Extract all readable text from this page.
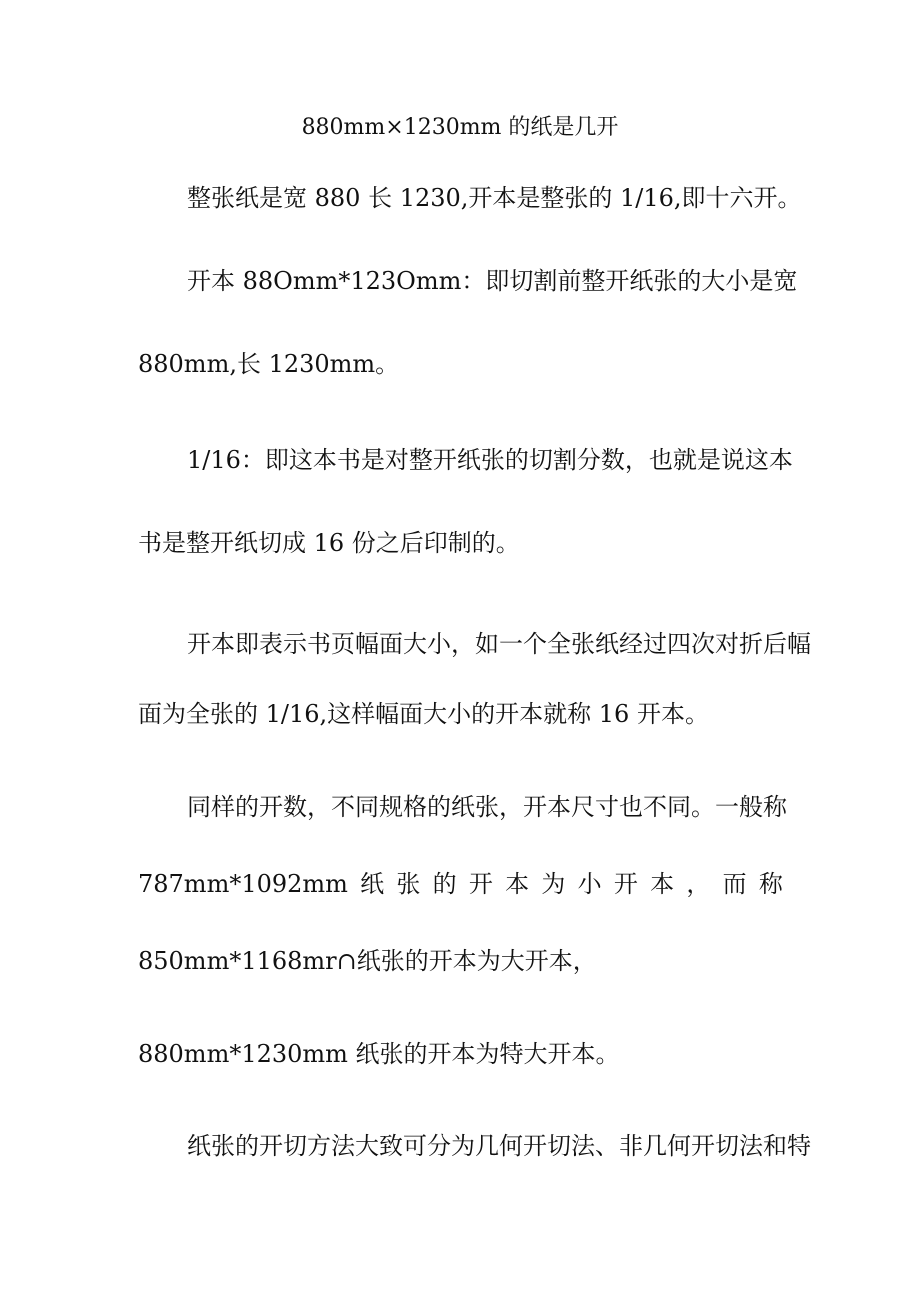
880mm×1230mm 的纸是几开
整张纸是宽 880 长 1230,开本是整张的 1/16,即十六开。
开本 88Omm*123Omm：即切割前整开纸张的大小是宽
880mm,长 1230mm。
1/16：即这本书是对整开纸张的切割分数，也就是说这本
书是整开纸切成 16 份之后印制的。
开本即表示书页幅面大小，如一个全张纸经过四次对折后幅
面为全张的 1/16,这样幅面大小的开本就称 16 开本。
同样的开数，不同规格的纸张，开本尺寸也不同。一般称
787mm*1092mm 纸 张 的 开 本 为 小 开 本 ， 而 称
850mm*1168mr∩纸张的开本为大开本，
880mm*1230mm 纸张的开本为特大开本。
纸张的开切方法大致可分为几何开切法、非几何开切法和特
